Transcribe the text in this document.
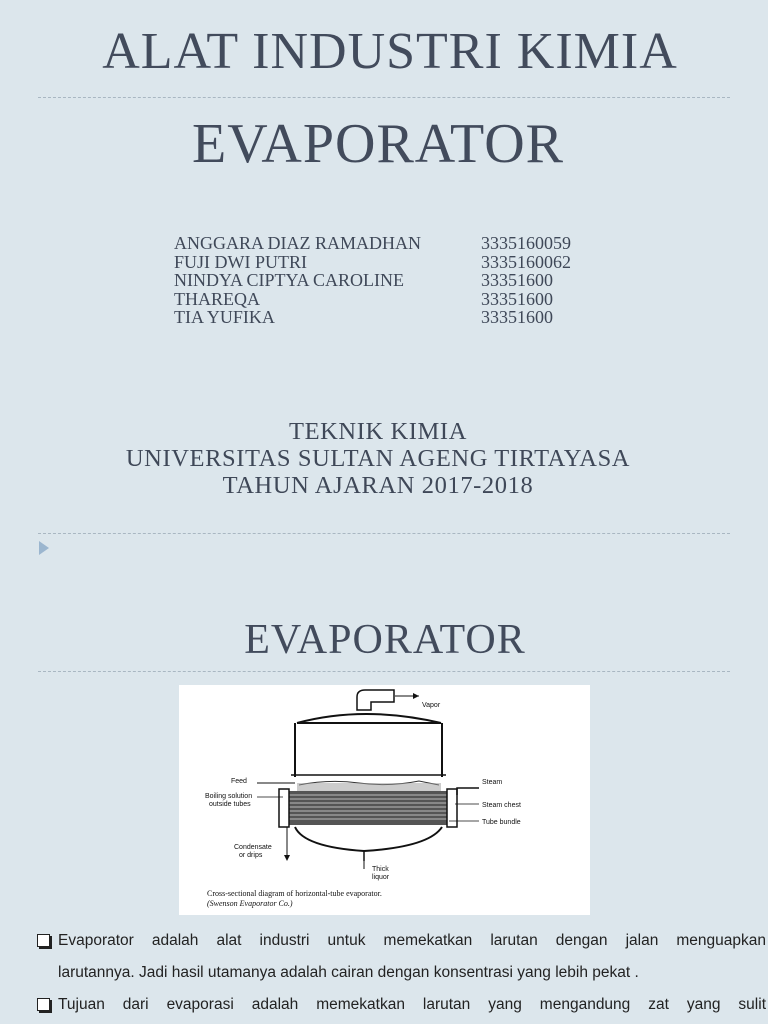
ALAT INDUSTRI KIMIA
EVAPORATOR
ANGGARA DIAZ RAMADHAN	3335160059
FUJI DWI PUTRI	3335160062
NINDYA CIPTYA CAROLINE	33351600
THAREQA	33351600
TIA YUFIKA	33351600
TEKNIK KIMIA
UNIVERSITAS SULTAN AGENG TIRTAYASA
TAHUN AJARAN 2017-2018
EVAPORATOR
Vapor
Feed
Boiling solution
outside tubes
Steam
Steam chest
Tube bundle
Condensate
or drips
Thick
liquor
Cross-sectional diagram of horizontal-tube evaporator.
(Swenson Evaporator Co.)
Evaporator adalah alat industri untuk memekatkan larutan dengan jalan menguapkan
larutannya. Jadi hasil utamanya adalah cairan dengan konsentrasi yang lebih pekat .
Tujuan dari evaporasi adalah memekatkan larutan yang mengandung zat yang sulit
